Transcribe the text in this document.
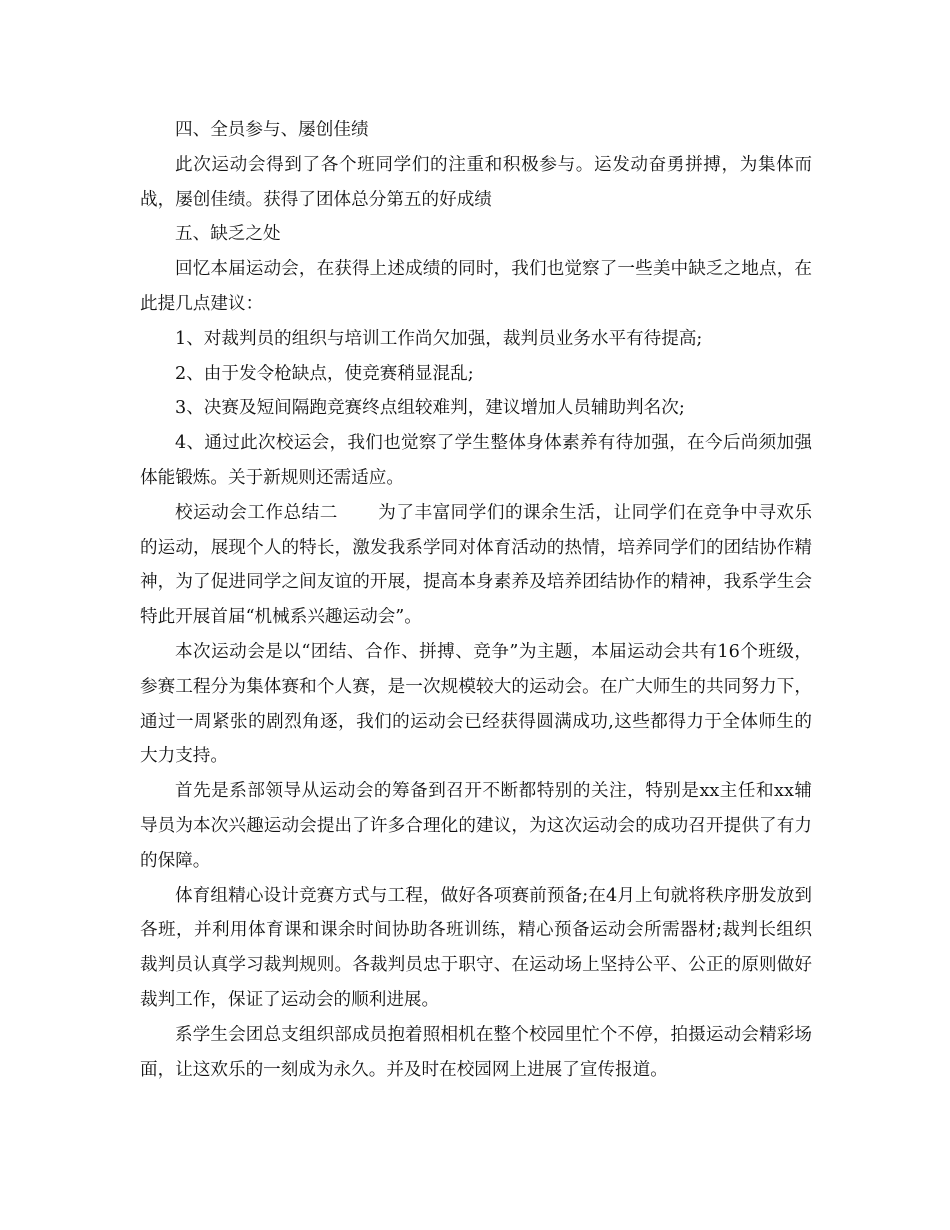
四、全员参与、屡创佳绩

此次运动会得到了各个班同学们的注重和积极参与。运发动奋勇拼搏，为集体而战，屡创佳绩。获得了团体总分第五的好成绩

五、缺乏之处

回忆本届运动会，在获得上述成绩的同时，我们也觉察了一些美中缺乏之地点，在此提几点建议：

1、对裁判员的组织与培训工作尚欠加强，裁判员业务水平有待提高;

2、由于发令枪缺点，使竞赛稍显混乱;

3、决赛及短间隔跑竞赛终点组较难判，建议增加人员辅助判名次;

4、通过此次校运会，我们也觉察了学生整体身体素养有待加强，在今后尚须加强体能锻炼。关于新规则还需适应。

校运动会工作总结二 为了丰富同学们的课余生活，让同学们在竞争中寻欢乐的运动，展现个人的特长，激发我系学同对体育活动的热情，培养同学们的团结协作精神，为了促进同学之间友谊的开展，提高本身素养及培养团结协作的精神，我系学生会特此开展首届“机械系兴趣运动会”。

本次运动会是以“团结、合作、拼搏、竞争”为主题，本届运动会共有16个班级，参赛工程分为集体赛和个人赛，是一次规模较大的运动会。在广大师生的共同努力下，通过一周紧张的剧烈角逐，我们的运动会已经获得圆满成功,这些都得力于全体师生的大力支持。

首先是系部领导从运动会的筹备到召开不断都特别的关注，特别是xx主任和xx辅导员为本次兴趣运动会提出了许多合理化的建议，为这次运动会的成功召开提供了有力的保障。

体育组精心设计竞赛方式与工程，做好各项赛前预备;在4月上旬就将秩序册发放到各班，并利用体育课和课余时间协助各班训练，精心预备运动会所需器材;裁判长组织裁判员认真学习裁判规则。各裁判员忠于职守、在运动场上坚持公平、公正的原则做好裁判工作，保证了运动会的顺利进展。

系学生会团总支组织部成员抱着照相机在整个校园里忙个不停，拍摄运动会精彩场面，让这欢乐的一刻成为永久。并及时在校园网上进展了宣传报道。
